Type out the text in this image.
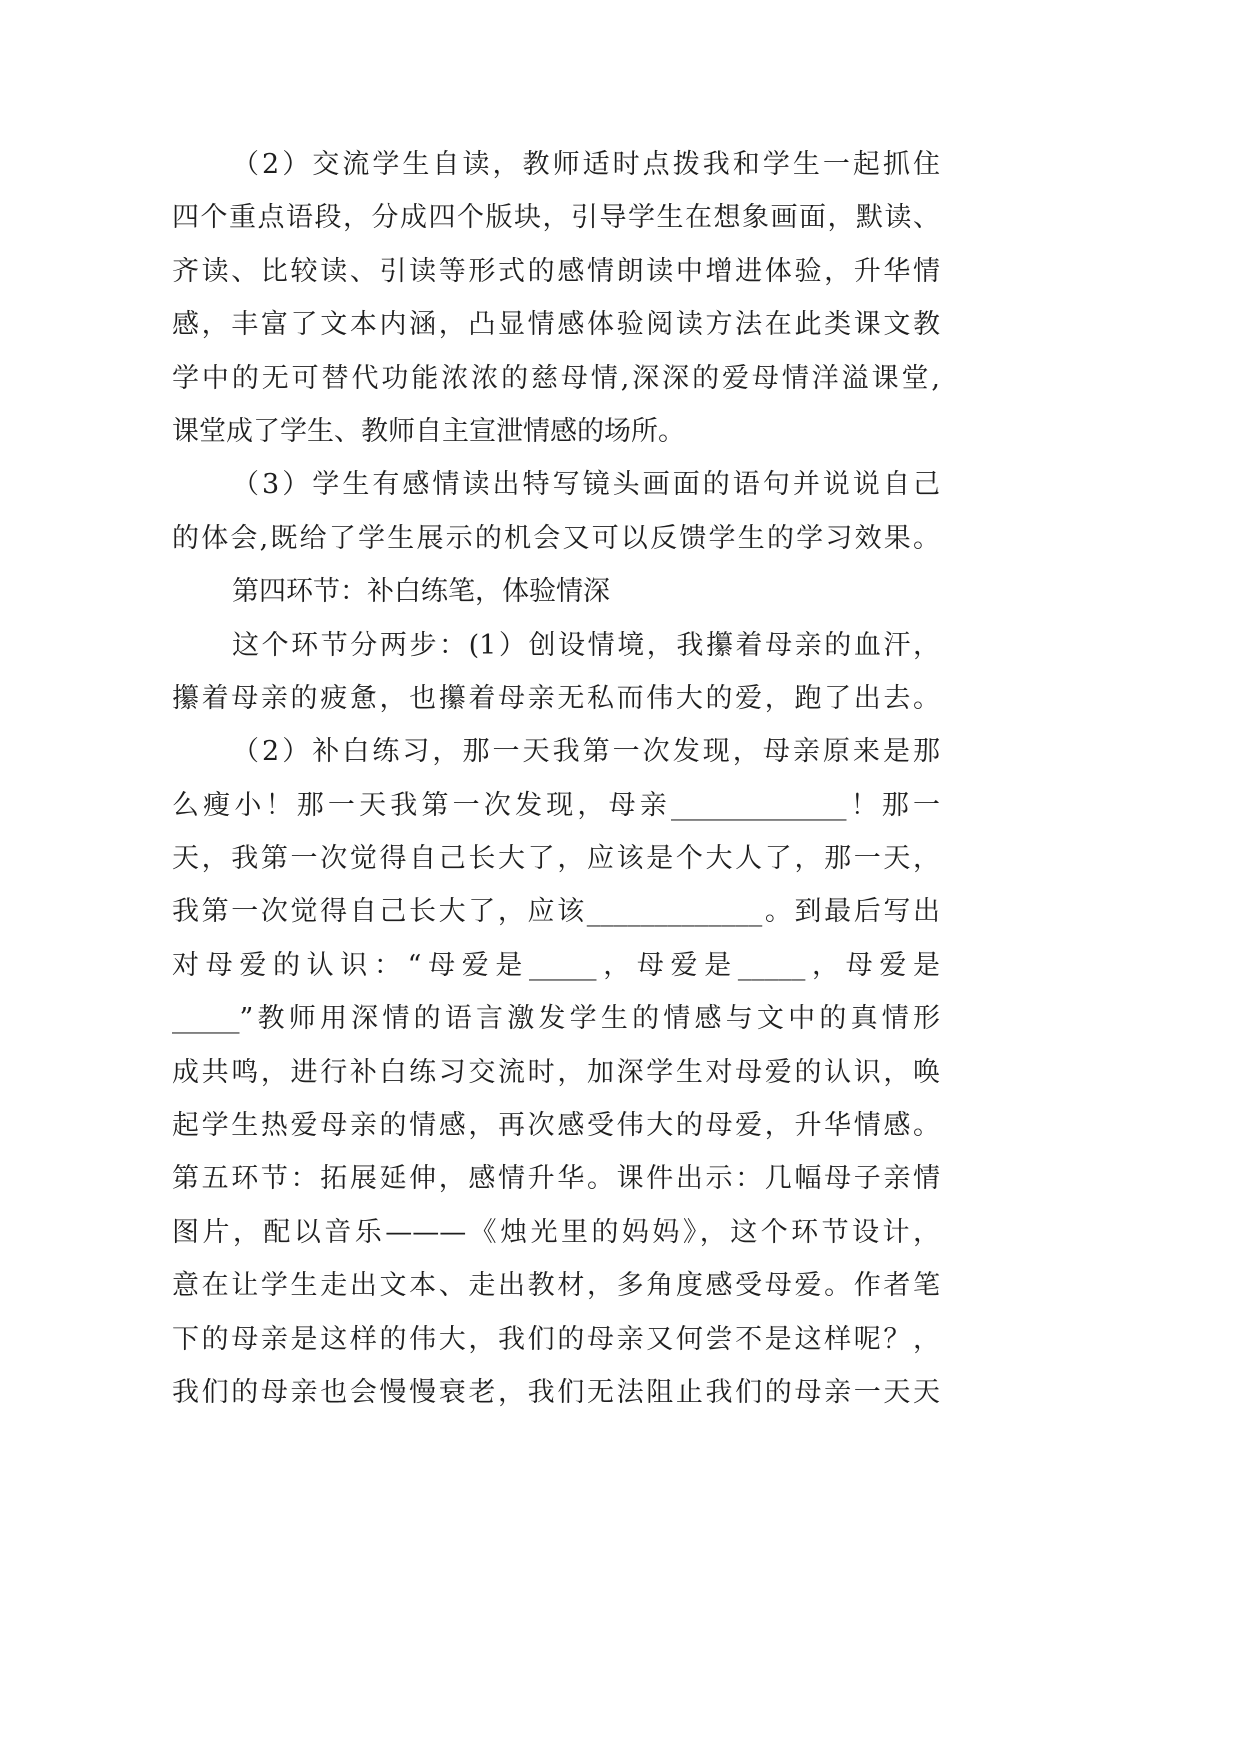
（2）交流学生自读，教师适时点拨我和学生一起抓住
四个重点语段，分成四个版块，引导学生在想象画面，默读、
齐读、比较读、引读等形式的感情朗读中增进体验，升华情
感，丰富了文本内涵，凸显情感体验阅读方法在此类课文教
学中的无可替代功能浓浓的慈母情,深深的爱母情洋溢课堂,
课堂成了学生、教师自主宣泄情感的场所。
（3）学生有感情读出特写镜头画面的语句并说说自己
的体会,既给了学生展示的机会又可以反馈学生的学习效果。
第四环节：补白练笔，体验情深
这个环节分两步：(1）创设情境，我攥着母亲的血汗，
攥着母亲的疲惫，也攥着母亲无私而伟大的爱，跑了出去。
（2）补白练习，那一天我第一次发现，母亲原来是那
么瘦小！那一天我第一次发现，母亲_____________！那一
天，我第一次觉得自己长大了，应该是个大人了，那一天，
我第一次觉得自己长大了，应该_____________。到最后写出
对母爱的认识：“母爱是_____，母爱是_____，母爱是
_____”教师用深情的语言激发学生的情感与文中的真情形
成共鸣，进行补白练习交流时，加深学生对母爱的认识，唤
起学生热爱母亲的情感，再次感受伟大的母爱，升华情感。
第五环节：拓展延伸，感情升华。课件出示：几幅母子亲情
图片，配以音乐———《烛光里的妈妈》，这个环节设计，
意在让学生走出文本、走出教材，多角度感受母爱。作者笔
下的母亲是这样的伟大，我们的母亲又何尝不是这样呢？，
我们的母亲也会慢慢衰老，我们无法阻止我们的母亲一天天
